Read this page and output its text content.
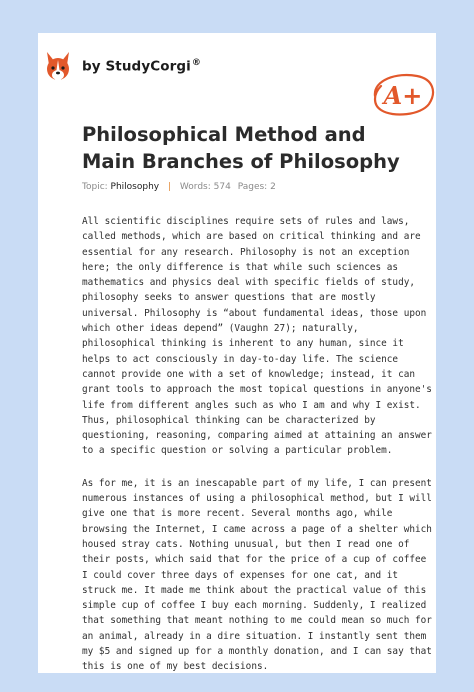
by StudyCorgi®
A+
Philosophical Method and Main Branches of Philosophy
Topic: Philosophy | Words: 574 Pages: 2

All scientific disciplines require sets of rules and laws, called methods, which are based on critical thinking and are essential for any research. Philosophy is not an exception here; the only difference is that while such sciences as mathematics and physics deal with specific fields of study, philosophy seeks to answer questions that are mostly universal. Philosophy is “about fundamental ideas, those upon which other ideas depend” (Vaughn 27); naturally, philosophical thinking is inherent to any human, since it helps to act consciously in day-to-day life. The science cannot provide one with a set of knowledge; instead, it can grant tools to approach the most topical questions in anyone's life from different angles such as who I am and why I exist. Thus, philosophical thinking can be characterized by questioning, reasoning, comparing aimed at attaining an answer to a specific question or solving a particular problem.

As for me, it is an inescapable part of my life, I can present numerous instances of using a philosophical method, but I will give one that is more recent. Several months ago, while browsing the Internet, I came across a page of a shelter which housed stray cats. Nothing unusual, but then I read one of their posts, which said that for the price of a cup of coffee I could cover three days of expenses for one cat, and it struck me. It made me think about the practical value of this simple cup of coffee I buy each morning. Suddenly, I realized that something that meant nothing to me could mean so much for an animal, already in a dire situation. I instantly sent them my $5 and signed up for a monthly donation, and I can say that this is one of my best decisions.
